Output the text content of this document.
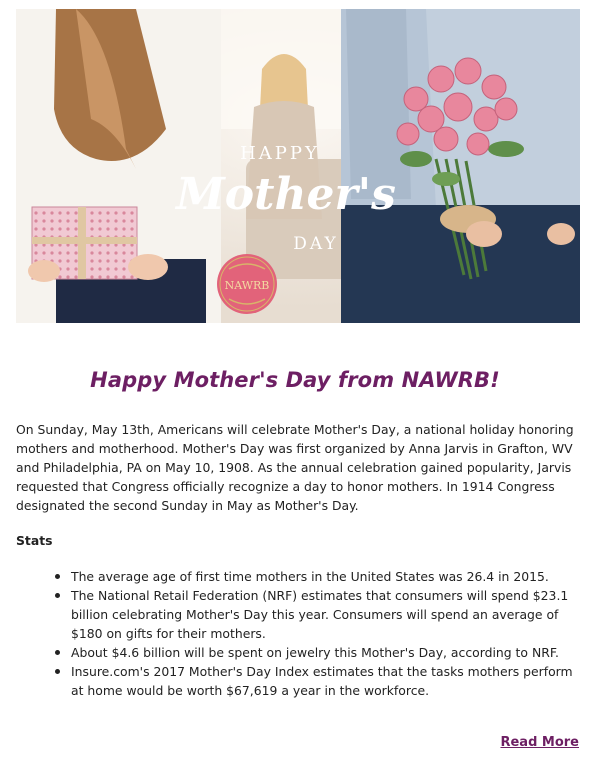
HAPPY
Mother's
DAY
NAWRB
Happy Mother's Day from NAWRB!
On Sunday, May 13th, Americans will celebrate Mother's Day, a national holiday honoring mothers and motherhood. Mother's Day was first organized by Anna Jarvis in Grafton, WV and Philadelphia, PA on May 10, 1908. As the annual celebration gained popularity, Jarvis requested that Congress officially recognize a day to honor mothers. In 1914 Congress designated the second Sunday in May as Mother's Day.
Stats
The average age of first time mothers in the United States was 26.4 in 2015.
The National Retail Federation (NRF) estimates that consumers will spend $23.1 billion celebrating Mother's Day this year. Consumers will spend an average of $180 on gifts for their mothers.
About $4.6 billion will be spent on jewelry this Mother's Day, according to NRF.
Insure.com's 2017 Mother's Day Index estimates that the tasks mothers perform at home would be worth $67,619 a year in the workforce.
Read More
